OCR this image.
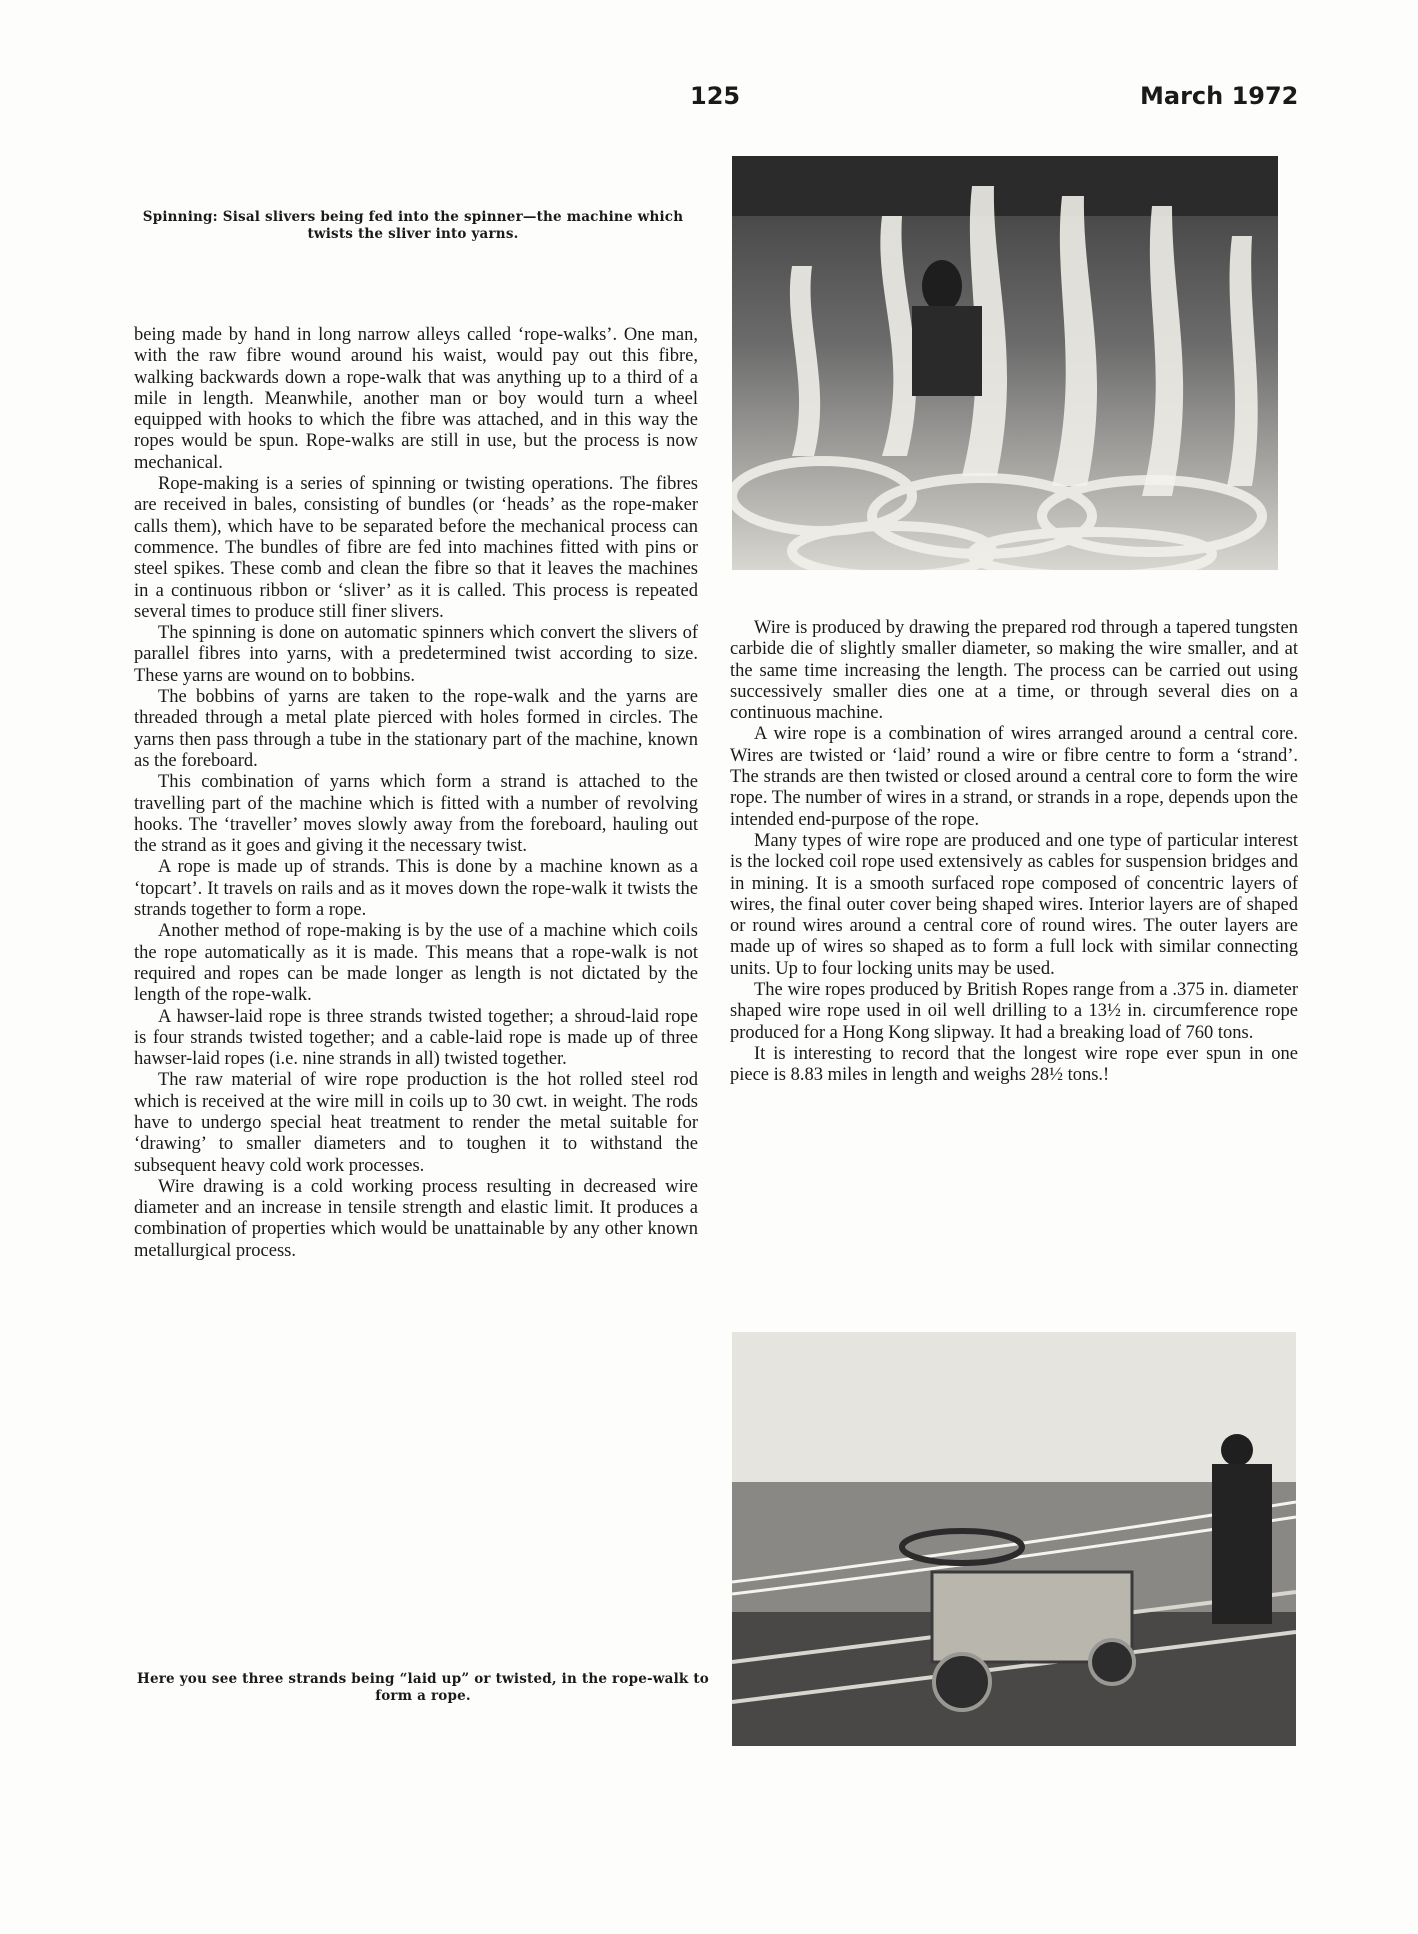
125	March 1972
Spinning: Sisal slivers being fed into the spinner—the machine which twists the sliver into yarns.

being made by hand in long narrow alleys called ‘rope-walks’. One man, with the raw fibre wound around his waist, would pay out this fibre, walking backwards down a rope-walk that was anything up to a third of a mile in length. Meanwhile, another man or boy would turn a wheel equipped with hooks to which the fibre was attached, and in this way the ropes would be spun. Rope-walks are still in use, but the process is now mechanical.

Rope-making is a series of spinning or twisting operations. The fibres are received in bales, consisting of bundles (or ‘heads’ as the rope-maker calls them), which have to be separated before the mechanical process can commence. The bundles of fibre are fed into machines fitted with pins or steel spikes. These comb and clean the fibre so that it leaves the machines in a continuous ribbon or ‘sliver’ as it is called. This process is repeated several times to produce still finer slivers.

The spinning is done on automatic spinners which convert the slivers of parallel fibres into yarns, with a predetermined twist according to size. These yarns are wound on to bobbins.

The bobbins of yarns are taken to the rope-walk and the yarns are threaded through a metal plate pierced with holes formed in circles. The yarns then pass through a tube in the stationary part of the machine, known as the foreboard.

This combination of yarns which form a strand is attached to the travelling part of the machine which is fitted with a number of revolving hooks. The ‘traveller’ moves slowly away from the foreboard, hauling out the strand as it goes and giving it the necessary twist.

A rope is made up of strands. This is done by a machine known as a ‘topcart’. It travels on rails and as it moves down the rope-walk it twists the strands together to form a rope.

Another method of rope-making is by the use of a machine which coils the rope automatically as it is made. This means that a rope-walk is not required and ropes can be made longer as length is not dictated by the length of the rope-walk.

A hawser-laid rope is three strands twisted together; a shroud-laid rope is four strands twisted together; and a cable-laid rope is made up of three hawser-laid ropes (i.e. nine strands in all) twisted together.

The raw material of wire rope production is the hot rolled steel rod which is received at the wire mill in coils up to 30 cwt. in weight. The rods have to undergo special heat treatment to render the metal suitable for ‘drawing’ to smaller diameters and to toughen it to withstand the subsequent heavy cold work processes.

Wire drawing is a cold working process resulting in decreased wire diameter and an increase in tensile strength and elastic limit. It produces a combination of properties which would be unattainable by any other known metallurgical process.

Wire is produced by drawing the prepared rod through a tapered tungsten carbide die of slightly smaller diameter, so making the wire smaller, and at the same time increasing the length. The process can be carried out using successively smaller dies one at a time, or through several dies on a continuous machine.

A wire rope is a combination of wires arranged around a central core. Wires are twisted or ‘laid’ round a wire or fibre centre to form a ‘strand’. The strands are then twisted or closed around a central core to form the wire rope. The number of wires in a strand, or strands in a rope, depends upon the intended end-purpose of the rope.

Many types of wire rope are produced and one type of particular interest is the locked coil rope used extensively as cables for suspension bridges and in mining. It is a smooth surfaced rope composed of concentric layers of wires, the final outer cover being shaped wires. Interior layers are of shaped or round wires around a central core of round wires. The outer layers are made up of wires so shaped as to form a full lock with similar connecting units. Up to four locking units may be used.

The wire ropes produced by British Ropes range from a .375 in. diameter shaped wire rope used in oil well drilling to a 13½ in. circumference rope produced for a Hong Kong slipway. It had a breaking load of 760 tons.

It is interesting to record that the longest wire rope ever spun in one piece is 8.83 miles in length and weighs 28½ tons.!

Here you see three strands being “laid up” or twisted, in the rope-walk to form a rope.
